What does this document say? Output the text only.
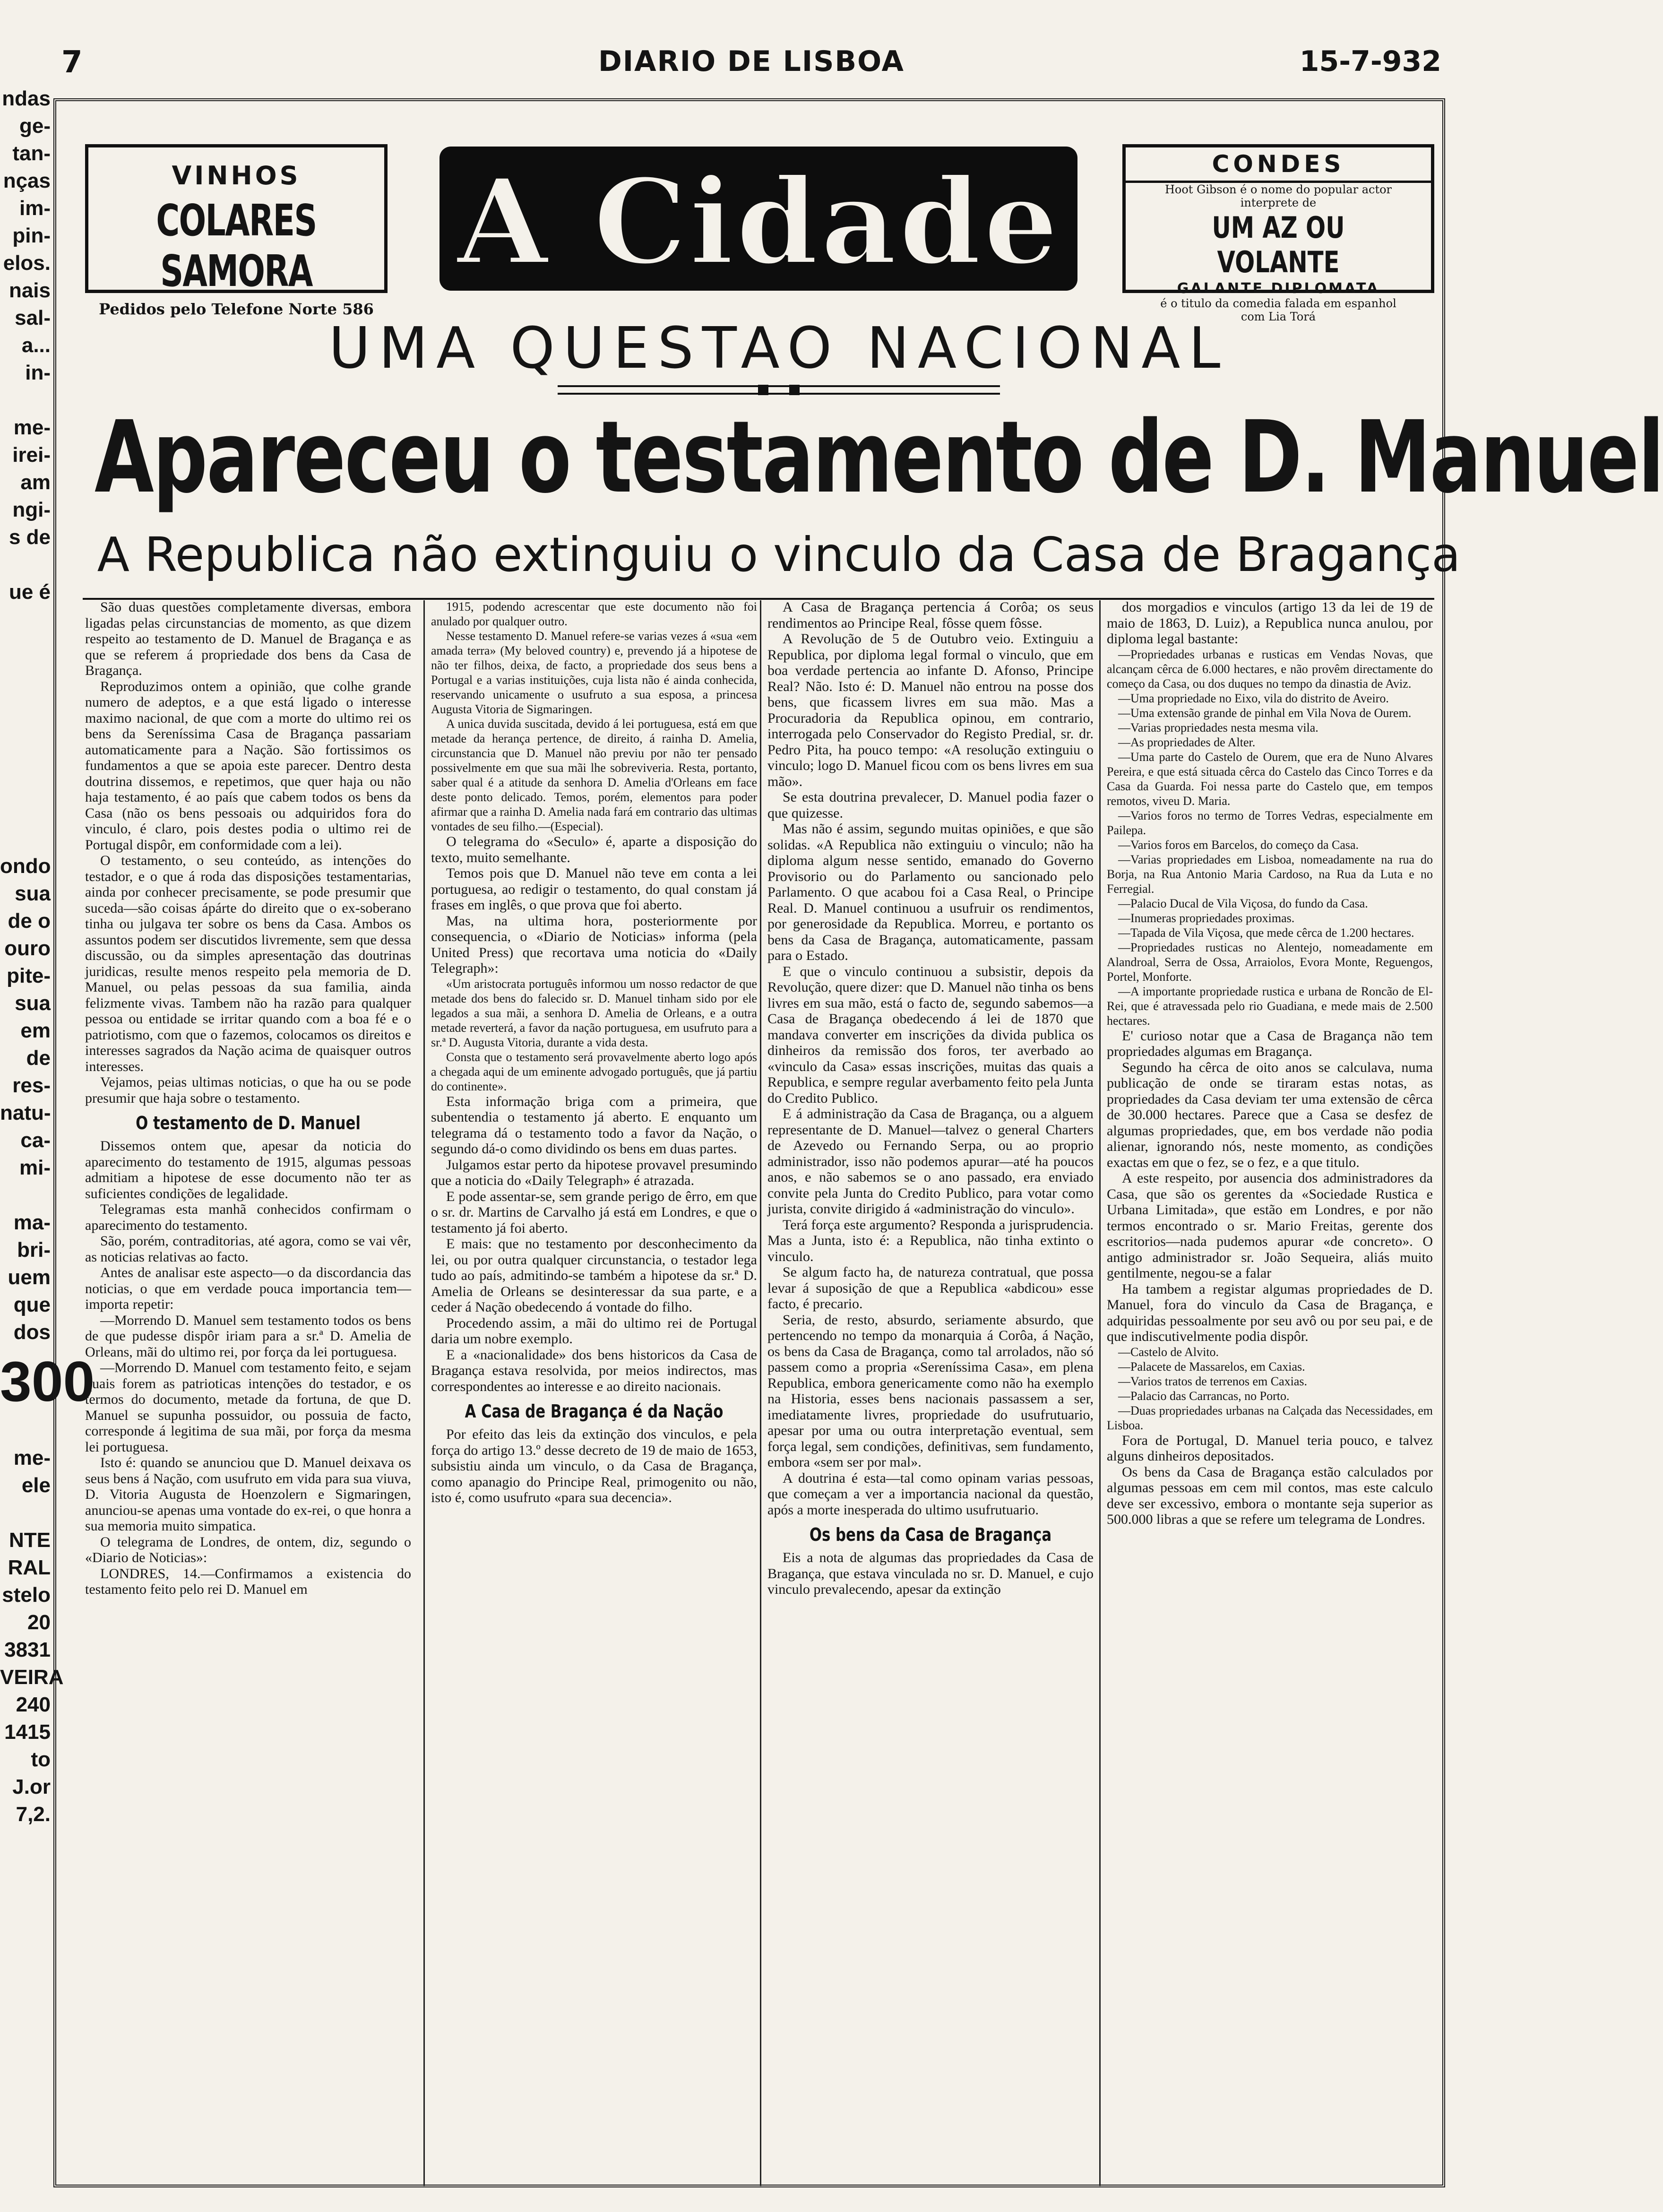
7	DIARIO DE LISBOA	15-7-932
ndas
ge-
tan-
nças
im-
pin-
elos.
nais
sal-
a...
in-

me-
irei-
am
ngi-
s de

ue é

ondo
sua
de o
ouro
pite-
sua
em
de
res-
natu-
ca-
mi-

ma-
bri-
uem
que
dos
300

me-
ele

NTE
RAL
stelo
20
3831
VEIRA
240
1415
to
J.or
7,2.
VINHOS
COLARES SAMORA
Pedidos pelo Telefone Norte 586
A Cidade	CONDES
Hoot Gibson é o nome do popular actor
interprete de
UM AZ OU VOLANTE
GALANTE DIPLOMATA
é o titulo da comedia falada em espanhol
com Lia Torá
UMA QUESTAO NACIONAL
Apareceu o testamento de D. Manuel
A Republica não extinguiu o vinculo da Casa de Bragança

São duas questões completamente diversas, embora ligadas pelas circunstancias de momento, as que dizem respeito ao testamento de D. Manuel de Bragança e as que se referem á propriedade dos bens da Casa de Bragança.

Reproduzimos ontem a opinião, que colhe grande numero de adeptos, e a que está ligado o interesse maximo nacional, de que com a morte do ultimo rei os bens da Sereníssima Casa de Bragança passariam automaticamente para a Nação. São fortissimos os fundamentos a que se apoia este parecer. Dentro desta doutrina dissemos, e repetimos, que quer haja ou não haja testamento, é ao país que cabem todos os bens da Casa (não os bens pessoais ou adquiridos fora do vinculo, é claro, pois destes podia o ultimo rei de Portugal dispôr, em conformidade com a lei).

O testamento, o seu conteúdo, as intenções do testador, e o que á roda das disposições testamentarias, ainda por conhecer precisamente, se pode presumir que suceda—são coisas ápárte do direito que o ex-soberano tinha ou julgava ter sobre os bens da Casa. Ambos os assuntos podem ser discutidos livremente, sem que dessa discussão, ou da simples apresentação das doutrinas juridicas, resulte menos respeito pela memoria de D. Manuel, ou pelas pessoas da sua familia, ainda felizmente vivas. Tambem não ha razão para qualquer pessoa ou entidade se irritar quando com a boa fé e o patriotismo, com que o fazemos, colocamos os direitos e interesses sagrados da Nação acima de quaisquer outros interesses.

Vejamos, peias ultimas noticias, o que ha ou se pode presumir que haja sobre o testamento.

O testamento de D. Manuel

Dissemos ontem que, apesar da noticia do aparecimento do testamento de 1915, algumas pessoas admitiam a hipotese de esse documento não ter as suficientes condições de legalidade.

Telegramas esta manhã conhecidos confirmam o aparecimento do testamento.

São, porém, contraditorias, até agora, como se vai vêr, as noticias relativas ao facto.

Antes de analisar este aspecto—o da discordancia das noticias, o que em verdade pouca importancia tem—importa repetir:

—Morrendo D. Manuel sem testamento todos os bens de que pudesse dispôr iriam para a sr.ª D. Amelia de Orleans, mãi do ultimo rei, por força da lei portuguesa.

—Morrendo D. Manuel com testamento feito, e sejam quais forem as patrioticas intenções do testador, e os termos do documento, metade da fortuna, de que D. Manuel se supunha possuidor, ou possuia de facto, corresponde á legitima de sua mãi, por força da mesma lei portuguesa.

Isto é: quando se anunciou que D. Manuel deixava os seus bens á Nação, com usufruto em vida para sua viuva, D. Vitoria Augusta de Hoenzolern e Sigmaringen, anunciou-se apenas uma vontade do ex-rei, o que honra a sua memoria muito simpatica.

O telegrama de Londres, de ontem, diz, segundo o «Diario de Noticias»:

LONDRES, 14.—Confirmamos a existencia do testamento feito pelo rei D. Manuel em

1915, podendo acrescentar que este documento não foi anulado por qualquer outro.

Nesse testamento D. Manuel refere-se varias vezes á «sua «em amada terra» (My beloved country) e, prevendo já a hipotese de não ter filhos, deixa, de facto, a propriedade dos seus bens a Portugal e a varias instituições, cuja lista não é ainda conhecida, reservando unicamente o usufruto a sua esposa, a princesa Augusta Vitoria de Sigmaringen.

A unica duvida suscitada, devido á lei portuguesa, está em que metade da herança pertence, de direito, á rainha D. Amelia, circunstancia que D. Manuel não previu por não ter pensado possivelmente em que sua mãi lhe sobreviveria. Resta, portanto, saber qual é a atitude da senhora D. Amelia d'Orleans em face deste ponto delicado. Temos, porém, elementos para poder afirmar que a rainha D. Amelia nada fará em contrario das ultimas vontades de seu filho.—(Especial).

O telegrama do «Seculo» é, aparte a disposição do texto, muito semelhante.

Temos pois que D. Manuel não teve em conta a lei portuguesa, ao redigir o testamento, do qual constam já frases em inglês, o que prova que foi aberto.

Mas, na ultima hora, posteriormente por consequencia, o «Diario de Noticias» informa (pela United Press) que recortava uma noticia do «Daily Telegraph»:

«Um aristocrata português informou um nosso redactor de que metade dos bens do falecido sr. D. Manuel tinham sido por ele legados a sua mãi, a senhora D. Amelia de Orleans, e a outra metade reverterá, a favor da nação portuguesa, em usufruto para a sr.ª D. Augusta Vitoria, durante a vida desta.

Consta que o testamento será provavelmente aberto logo após a chegada aqui de um eminente advogado português, que já partiu do continente».

Esta informação briga com a primeira, que subentendia o testamento já aberto. E enquanto um telegrama dá o testamento todo a favor da Nação, o segundo dá-o como dividindo os bens em duas partes.

Julgamos estar perto da hipotese provavel presumindo que a noticia do «Daily Telegraph» é atrazada.

E pode assentar-se, sem grande perigo de êrro, em que o sr. dr. Martins de Carvalho já está em Londres, e que o testamento já foi aberto.

E mais: que no testamento por desconhecimento da lei, ou por outra qualquer circunstancia, o testador lega tudo ao país, admitindo-se também a hipotese da sr.ª D. Amelia de Orleans se desinteressar da sua parte, e a ceder á Nação obedecendo á vontade do filho.

Procedendo assim, a mãi do ultimo rei de Portugal daria um nobre exemplo.

E a «nacionalidade» dos bens historicos da Casa de Bragança estava resolvida, por meios indirectos, mas correspondentes ao interesse e ao direito nacionais.

A Casa de Bragança é da Nação

Por efeito das leis da extinção dos vinculos, e pela força do artigo 13.º desse decreto de 19 de maio de 1653, subsistiu ainda um vinculo, o da Casa de Bragança, como apanagio do Principe Real, primogenito ou não, isto é, como usufruto «para sua decencia».

A Casa de Bragança pertencia á Corôa; os seus rendimentos ao Principe Real, fôsse quem fôsse.

A Revolução de 5 de Outubro veio. Extinguiu a Republica, por diploma legal formal o vinculo, que em boa verdade pertencia ao infante D. Afonso, Principe Real? Não. Isto é: D. Manuel não entrou na posse dos bens, que ficassem livres em sua mão. Mas a Procuradoria da Republica opinou, em contrario, interrogada pelo Conservador do Registo Predial, sr. dr. Pedro Pita, ha pouco tempo: «A resolução extinguiu o vinculo; logo D. Manuel ficou com os bens livres em sua mão».

Se esta doutrina prevalecer, D. Manuel podia fazer o que quizesse.

Mas não é assim, segundo muitas opiniões, e que são solidas. «A Republica não extinguiu o vinculo; não ha diploma algum nesse sentido, emanado do Governo Provisorio ou do Parlamento ou sancionado pelo Parlamento. O que acabou foi a Casa Real, o Principe Real. D. Manuel continuou a usufruir os rendimentos, por generosidade da Republica. Morreu, e portanto os bens da Casa de Bragança, automaticamente, passam para o Estado.

E que o vinculo continuou a subsistir, depois da Revolução, quere dizer: que D. Manuel não tinha os bens livres em sua mão, está o facto de, segundo sabemos—a Casa de Bragança obedecendo á lei de 1870 que mandava converter em inscrições da divida publica os dinheiros da remissão dos foros, ter averbado ao «vinculo da Casa» essas inscrições, muitas das quais a Republica, e sempre regular averbamento feito pela Junta do Credito Publico.

E á administração da Casa de Bragança, ou a alguem representante de D. Manuel—talvez o general Charters de Azevedo ou Fernando Serpa, ou ao proprio administrador, isso não podemos apurar—até ha poucos anos, e não sabemos se o ano passado, era enviado convite pela Junta do Credito Publico, para votar como jurista, convite dirigido á «administração do vinculo».

Terá força este argumento? Responda a jurisprudencia. Mas a Junta, isto é: a Republica, não tinha extinto o vinculo.

Se algum facto ha, de natureza contratual, que possa levar á suposição de que a Republica «abdicou» esse facto, é precario.

Seria, de resto, absurdo, seriamente absurdo, que pertencendo no tempo da monarquia á Corôa, á Nação, os bens da Casa de Bragança, como tal arrolados, não só passem como a propria «Sereníssima Casa», em plena Republica, embora genericamente como não ha exemplo na Historia, esses bens nacionais passassem a ser, imediatamente livres, propriedade do usufrutuario, apesar por uma ou outra interpretação eventual, sem força legal, sem condições, definitivas, sem fundamento, embora «sem ser por mal».

A doutrina é esta—tal como opinam varias pessoas, que começam a ver a importancia nacional da questão, após a morte inesperada do ultimo usufrutuario.

Os bens da Casa de Bragança

Eis a nota de algumas das propriedades da Casa de Bragança, que estava vinculada no sr. D. Manuel, e cujo vinculo prevalecendo, apesar da extinção

dos morgadios e vinculos (artigo 13 da lei de 19 de maio de 1863, D. Luiz), a Republica nunca anulou, por diploma legal bastante:

—Propriedades urbanas e rusticas em Vendas Novas, que alcançam cêrca de 6.000 hectares, e não provêm directamente do começo da Casa, ou dos duques no tempo da dinastia de Aviz.

—Uma propriedade no Eixo, vila do distrito de Aveiro.

—Uma extensão grande de pinhal em Vila Nova de Ourem.

—Varias propriedades nesta mesma vila.

—As propriedades de Alter.

—Uma parte do Castelo de Ourem, que era de Nuno Alvares Pereira, e que está situada cêrca do Castelo das Cinco Torres e da Casa da Guarda. Foi nessa parte do Castelo que, em tempos remotos, viveu D. Maria.

—Varios foros no termo de Torres Vedras, especialmente em Pailepa.

—Varios foros em Barcelos, do começo da Casa.

—Varias propriedades em Lisboa, nomeadamente na rua do Borja, na Rua Antonio Maria Cardoso, na Rua da Luta e no Ferregial.

—Palacio Ducal de Vila Viçosa, do fundo da Casa.

—Inumeras propriedades proximas.

—Tapada de Vila Viçosa, que mede cêrca de 1.200 hectares.

—Propriedades rusticas no Alentejo, nomeadamente em Alandroal, Serra de Ossa, Arraiolos, Evora Monte, Reguengos, Portel, Monforte.

—A importante propriedade rustica e urbana de Roncão de El-Rei, que é atravessada pelo rio Guadiana, e mede mais de 2.500 hectares.

E' curioso notar que a Casa de Bragança não tem propriedades algumas em Bragança.

Segundo ha cêrca de oito anos se calculava, numa publicação de onde se tiraram estas notas, as propriedades da Casa deviam ter uma extensão de cêrca de 30.000 hectares. Parece que a Casa se desfez de algumas propriedades, que, em bos verdade não podia alienar, ignorando nós, neste momento, as condições exactas em que o fez, se o fez, e a que titulo.

A este respeito, por ausencia dos administradores da Casa, que são os gerentes da «Sociedade Rustica e Urbana Limitada», que estão em Londres, e por não termos encontrado o sr. Mario Freitas, gerente dos escritorios—nada pudemos apurar «de concreto». O antigo administrador sr. João Sequeira, aliás muito gentilmente, negou-se a falar

Ha tambem a registar algumas propriedades de D. Manuel, fora do vinculo da Casa de Bragança, e adquiridas pessoalmente por seu avô ou por seu pai, e de que indiscutivelmente podia dispôr.

—Castelo de Alvito.

—Palacete de Massarelos, em Caxias.

—Varios tratos de terrenos em Caxias.

—Palacio das Carrancas, no Porto.

—Duas propriedades urbanas na Calçada das Necessidades, em Lisboa.

Fora de Portugal, D. Manuel teria pouco, e talvez alguns dinheiros depositados.

Os bens da Casa de Bragança estão calculados por algumas pessoas em cem mil contos, mas este calculo deve ser excessivo, embora o montante seja superior as 500.000 libras a que se refere um telegrama de Londres.
